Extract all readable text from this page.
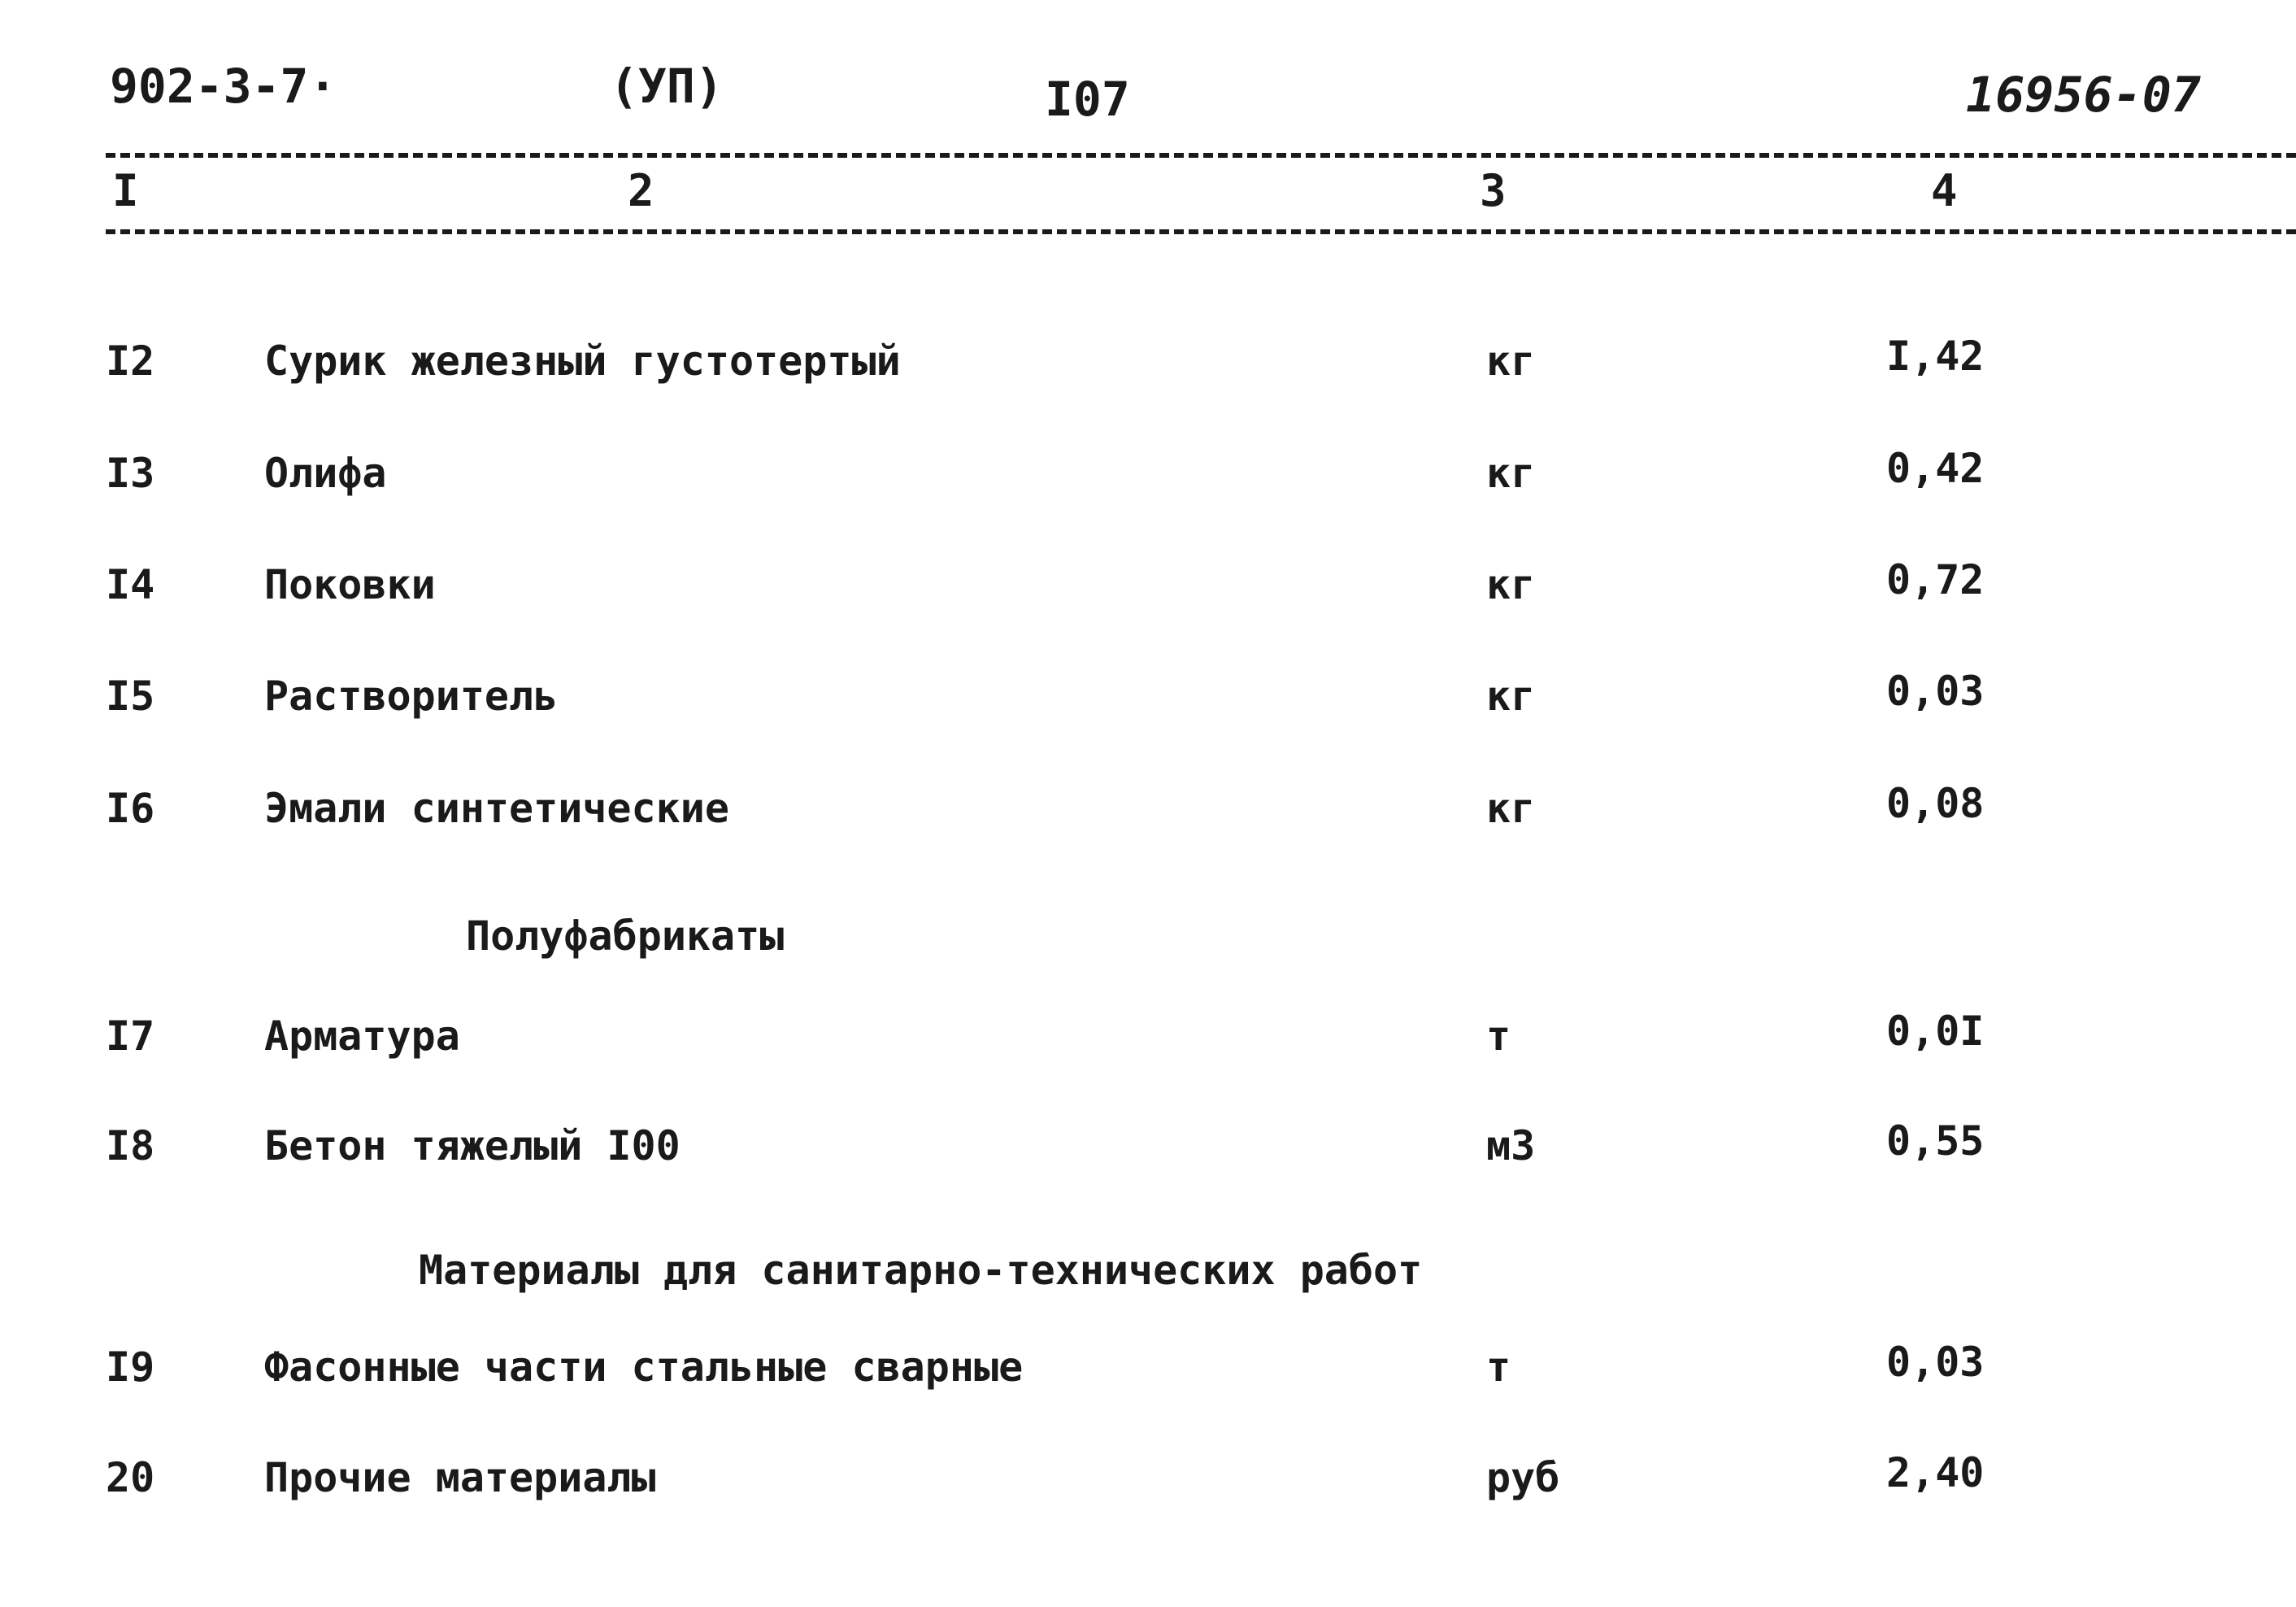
902-3-7·	(УП)	I07	16956-07
I	2	3	4
I2	Сурик железный густотертый	кг	I,42
I3	Олифа	кг	0,42
I4	Поковки	кг	0,72
I5	Растворитель	кг	0,03
I6	Эмали синтетические	кг	0,08
Полуфабрикаты
I7	Арматура	т	0,0I
I8	Бетон тяжелый I00	м3	0,55
Материалы для санитарно-технических работ
I9	Фасонные части стальные сварные	т	0,03
20	Прочие материалы	руб	2,40
